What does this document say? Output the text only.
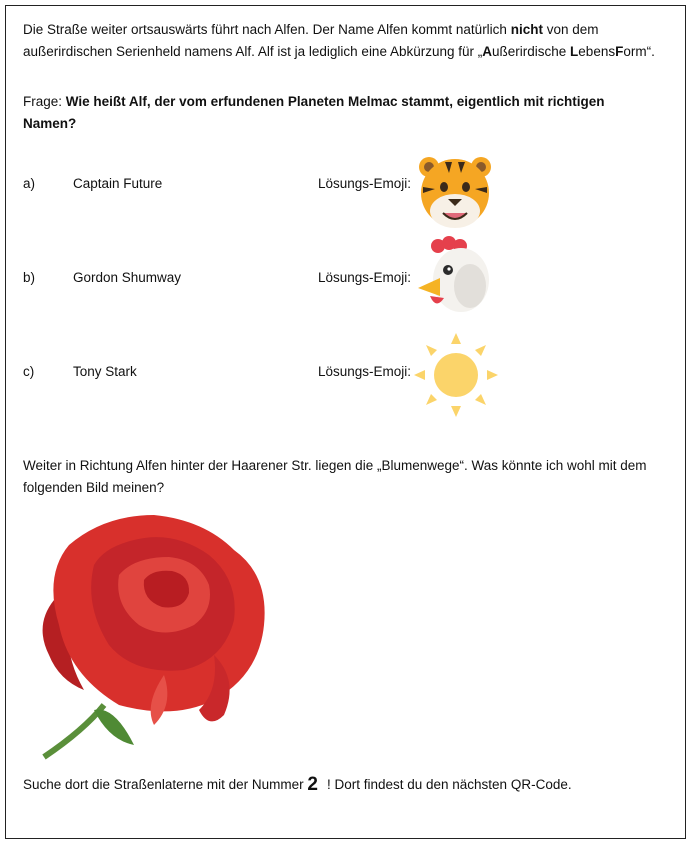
Die Straße weiter ortsauswärts führt nach Alfen. Der Name Alfen kommt natürlich nicht von dem außerirdischen Serienheld namens Alf. Alf ist ja lediglich eine Abkürzung für „Außerirdische LebensForm“.
Frage: Wie heißt Alf, der vom erfundenen Planeten Melmac stammt, eigentlich mit richtigen Namen?
a)	Captain Future	Lösungs-Emoji:
b)	Gordon Shumway	Lösungs-Emoji:
c)	Tony Stark	Lösungs-Emoji:
Weiter in Richtung Alfen hinter der Haarener Str. liegen die „Blumenwege“. Was könnte ich wohl mit dem folgenden Bild meinen?
Suche dort die Straßenlaterne mit der Nummer 2 ! Dort findest du den nächsten QR-Code.
